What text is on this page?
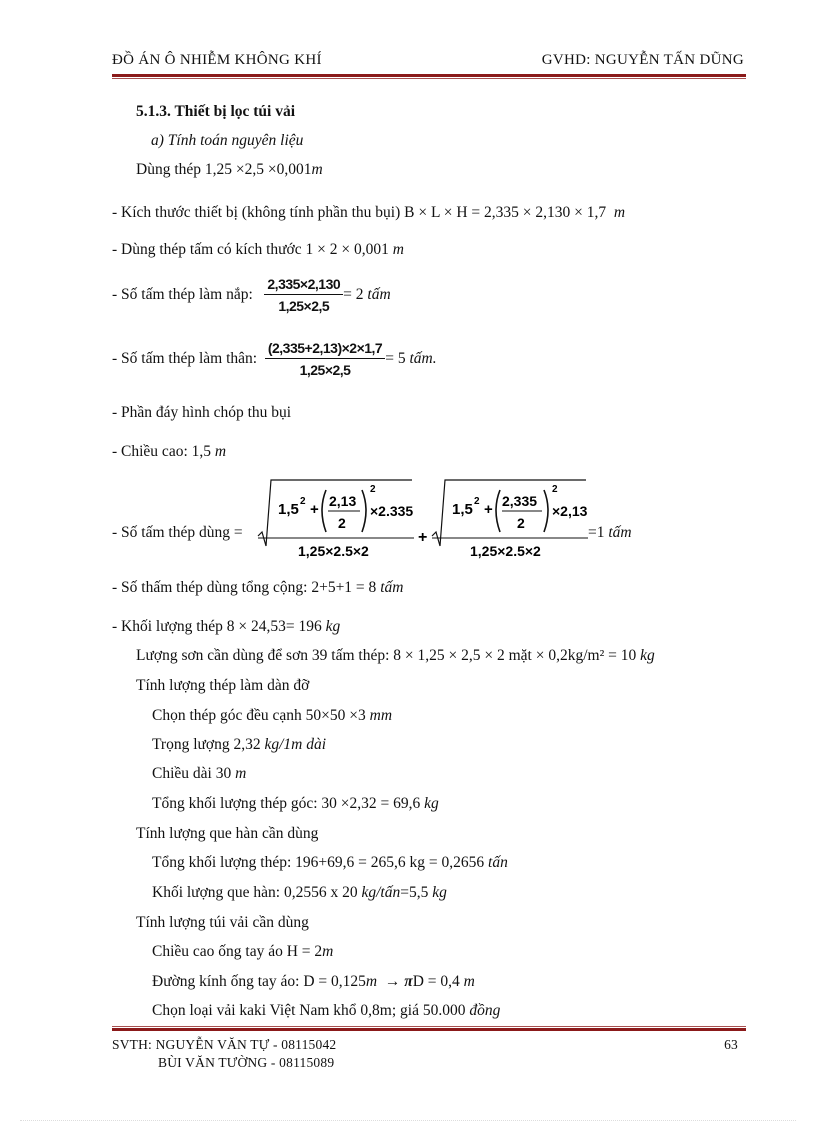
ĐỒ ÁN Ô NHIỄM KHÔNG KHÍ	GVHD: NGUYỄN TẤN DŨNG
5.1.3. Thiết bị lọc túi vải
a) Tính toán nguyên liệu
Dùng thép 1,25 ×2,5 ×0,001m
- Kích thước thiết bị (không tính phần thu bụi) B × L × H = 2,335 × 2,130 × 1,7 m
- Dùng thép tấm có kích thước 1 × 2 × 0,001 m
- Số tấm thép làm nắp: $\frac{2,335\times 2,130}{1,25\times 2,5} = 2$ tấm
- Số tấm thép làm thân: $\frac{(2,335+2,13)\times 2\times 1,7}{1,25\times 2,5} = 5$ tấm.
- Phần đáy hình chóp thu bụi
- Chiều cao: 1,5 m
- Số tấm thép dùng =
1,5 2 + 2,13
2
2
×2.335
1,25×2.5×2
+
1,5 2 + 2,335
2
2
×2,13
1,25×2.5×2
=1 tấm
- Số thấm thép dùng tổng cộng: 2+5+1 = 8 tấm
- Khối lượng thép 8 × 24,53= 196 kg
Lượng sơn cần dùng để sơn 39 tấm thép: 8 × 1,25 × 2,5 × 2 mặt × 0,2kg/m² = 10 kg
Tính lượng thép làm dàn đỡ
Chọn thép góc đều cạnh 50×50 ×3 mm
Trọng lượng 2,32 kg/1m dài
Chiều dài 30 m
Tổng khối lượng thép góc: 30 ×2,32 = 69,6 kg
Tính lượng que hàn cần dùng
Tổng khối lượng thép: 196+69,6 = 265,6 kg = 0,2656 tấn
Khối lượng que hàn: 0,2556 x 20 kg/tấn=5,5 kg
Tính lượng túi vải cần dùng
Chiều cao ống tay áo H = 2m
Đường kính ống tay áo: D = 0,125m → πD = 0,4 m
Chọn loại vải kaki Việt Nam khổ 0,8m; giá 50.000 đồng
SVTH: NGUYỄN VĂN TỰ - 08115042
BÙI VĂN TƯỜNG - 08115089
63
